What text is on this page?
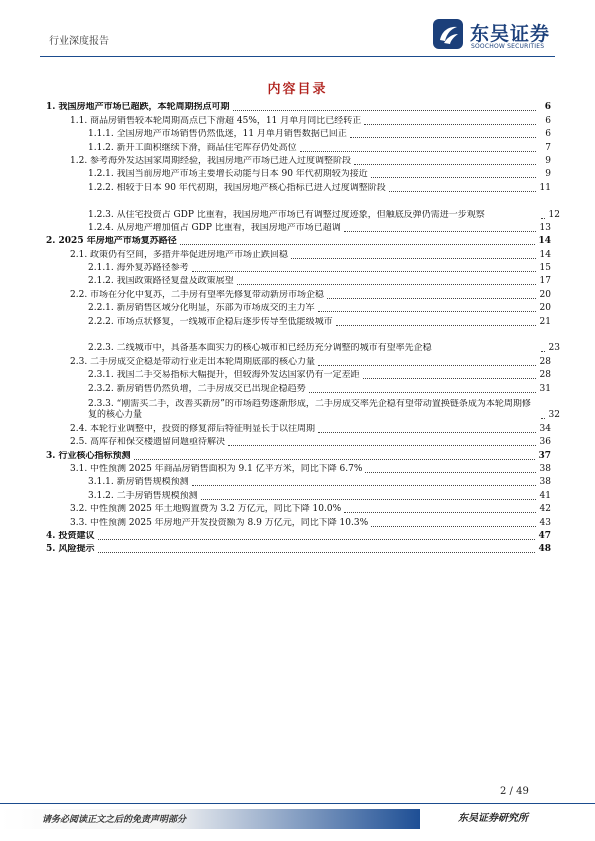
行业深度报告	东吴证券
SOOCHOW SECURITIES
内容目录
1. 我国房地产市场已超跌，本轮周期拐点可期	6
1.1. 商品房销售较本轮周期高点已下滑超 45%，11 月单月同比已经转正	6
1.1.1. 全国房地产市场销售仍然低迷，11 月单月销售数据已回正	6
1.1.2. 新开工面积继续下滑，商品住宅库存仍处高位	7
1.2. 参考海外发达国家周期经验，我国房地产市场已进入过度调整阶段	9
1.2.1. 我国当前房地产市场主要增长动能与日本 90 年代初期较为接近	9
1.2.2. 相较于日本 90 年代初期，我国房地产核心指标已进入过度调整阶段	11
1.2.3. 从住宅投资占 GDP 比重看，我国房地产市场已有调整过度迹象，但触底反弹仍需进一步观察	12
1.2.4. 从房地产增加值占 GDP 比重看，我国房地产市场已超调	13
2. 2025 年房地产市场复苏路径	14
2.1. 政策仍有空间，多措并举促进房地产市场止跌回稳	14
2.1.1. 海外复苏路径参考	15
2.1.2. 我国政策路径复盘及政策展望	17
2.2. 市场在分化中复苏，二手房有望率先修复带动新房市场企稳	20
2.2.1. 新房销售区域分化明显，东部为市场成交的主力军	20
2.2.2. 市场点状修复，一线城市企稳后逐步传导至低能级城市	21
2.2.3. 二线城市中，具备基本面实力的核心城市和已经历充分调整的城市有望率先企稳	23
2.3. 二手房成交企稳是带动行业走出本轮周期底部的核心力量	28
2.3.1. 我国二手交易指标大幅提升，但较海外发达国家仍有一定差距	28
2.3.2. 新房销售仍然负增，二手房成交已出现企稳趋势	31
2.3.3. “刚需买二手，改善买新房”的市场趋势逐渐形成，二手房成交率先企稳有望带动置换链条成为本轮周期修复的核心力量	32
2.4. 本轮行业调整中，投资的修复滞后特征明显长于以往周期	34
2.5. 高库存和保交楼遗留问题亟待解决	36
3. 行业核心指标预测	37
3.1. 中性预测 2025 年商品房销售面积为 9.1 亿平方米，同比下降 6.7%	38
3.1.1. 新房销售规模预测	38
3.1.2. 二手房销售规模预测	41
3.2. 中性预测 2025 年土地购置费为 3.2 万亿元，同比下降 10.0%	42
3.3. 中性预测 2025 年房地产开发投资额为 8.9 万亿元，同比下降 10.3%	43
4. 投资建议	47
5. 风险提示	48
2 / 49
请务必阅读正文之后的免责声明部分	东吴证券研究所
